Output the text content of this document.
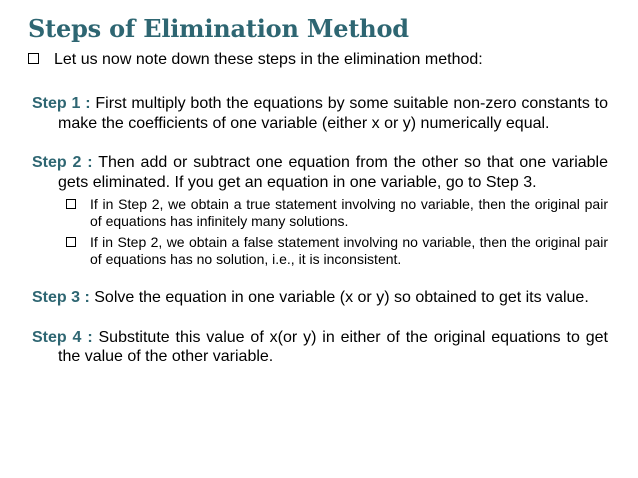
Steps of Elimination Method
Let us now note down these steps in the elimination method:
Step 1 : First multiply both the equations by some suitable non-zero constants to make the coefficients of one variable (either x or y) numerically equal.
Step 2 : Then add or subtract one equation from the other so that one variable gets eliminated. If you get an equation in one variable, go to Step 3.
If in Step 2, we obtain a true statement involving no variable, then the original pair of equations has infinitely many solutions.
If in Step 2, we obtain a false statement involving no variable, then the original pair of equations has no solution, i.e., it is inconsistent.
Step 3 : Solve the equation in one variable (x or y) so obtained to get its value.
Step 4 : Substitute this value of x(or y) in either of the original equations to get the value of the other variable.
